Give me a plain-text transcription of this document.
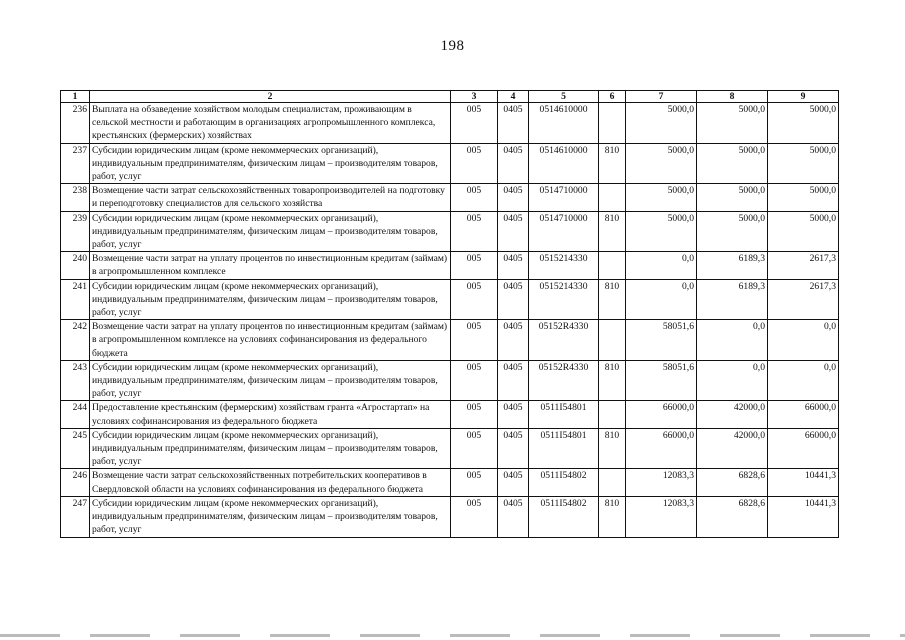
198
1	2	3	4	5	6	7	8	9
236	Выплата на обзаведение хозяйством молодым специалистам, проживающим в сельской местности и работающим в организациях агропромышленного комплекса, крестьянских (фермерских) хозяйствах	005	0405	0514610000		5000,0	5000,0	5000,0
237	Субсидии юридическим лицам (кроме некоммерческих организаций), индивидуальным предпринимателям, физическим лицам – производителям товаров, работ, услуг	005	0405	0514610000	810	5000,0	5000,0	5000,0
238	Возмещение части затрат сельскохозяйственных товаропроизводителей на подготовку и переподготовку специалистов для сельского хозяйства	005	0405	0514710000		5000,0	5000,0	5000,0
239	Субсидии юридическим лицам (кроме некоммерческих организаций), индивидуальным предпринимателям, физическим лицам – производителям товаров, работ, услуг	005	0405	0514710000	810	5000,0	5000,0	5000,0
240	Возмещение части затрат на уплату процентов по инвестиционным кредитам (займам) в агропромышленном комплексе	005	0405	0515214330		0,0	6189,3	2617,3
241	Субсидии юридическим лицам (кроме некоммерческих организаций), индивидуальным предпринимателям, физическим лицам – производителям товаров, работ, услуг	005	0405	0515214330	810	0,0	6189,3	2617,3
242	Возмещение части затрат на уплату процентов по инвестиционным кредитам (займам) в агропромышленном комплексе на условиях софинансирования из федерального бюджета	005	0405	05152R4330		58051,6	0,0	0,0
243	Субсидии юридическим лицам (кроме некоммерческих организаций), индивидуальным предпринимателям, физическим лицам – производителям товаров, работ, услуг	005	0405	05152R4330	810	58051,6	0,0	0,0
244	Предоставление крестьянским (фермерским) хозяйствам гранта «Агростартап» на условиях софинансирования из федерального бюджета	005	0405	0511I54801		66000,0	42000,0	66000,0
245	Субсидии юридическим лицам (кроме некоммерческих организаций), индивидуальным предпринимателям, физическим лицам – производителям товаров, работ, услуг	005	0405	0511I54801	810	66000,0	42000,0	66000,0
246	Возмещение части затрат сельскохозяйственных потребительских кооперативов в Свердловской области на условиях софинансирования из федерального бюджета	005	0405	0511I54802		12083,3	6828,6	10441,3
247	Субсидии юридическим лицам (кроме некоммерческих организаций), индивидуальным предпринимателям, физическим лицам – производителям товаров, работ, услуг	005	0405	0511I54802	810	12083,3	6828,6	10441,3
